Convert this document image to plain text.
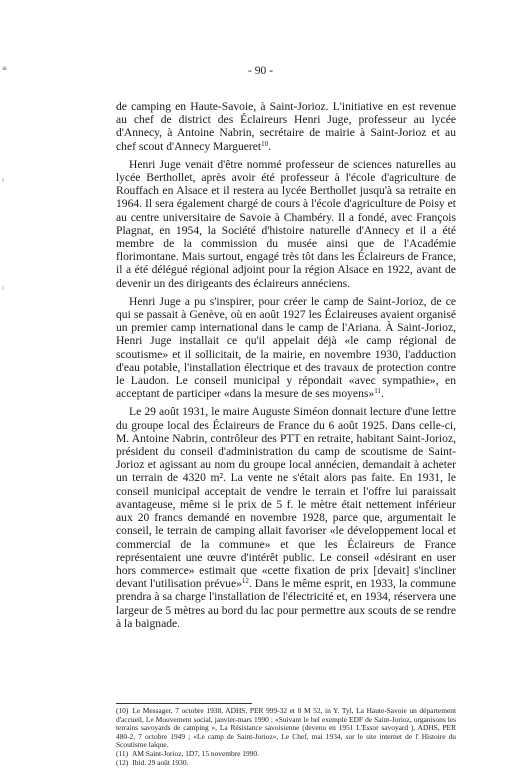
≡
⁞
⁞
- 90 -

de camping en Haute-Savoie, à Saint-Jorioz. L'initiative en est revenue au chef de district des Éclaireurs Henri Juge, professeur au lycée d'Annecy, à Antoine Nabrin, secrétaire de mairie à Saint-Jorioz et au chef scout d'Annecy Margueret$^{10}$.

Henri Juge venait d'être nommé professeur de sciences naturelles au lycée Berthollet, après avoir été professeur à l'école d'agriculture de Rouffach en Alsace et il restera au lycée Berthollet jusqu'à sa retraite en 1964. Il sera également chargé de cours à l'école d'agriculture de Poisy et au centre universitaire de Savoie à Chambéry. Il a fondé, avec François Plagnat, en 1954, la Société d'histoire naturelle d'Annecy et il a été membre de la commission du musée ainsi que de l'Académie florimontane. Mais surtout, engagé très tôt dans les Éclaireurs de France, il a été délégué régional adjoint pour la région Alsace en 1922, avant de devenir un des dirigeants des éclaireurs annéciens.

Henri Juge a pu s'inspirer, pour créer le camp de Saint-Jorioz, de ce qui se passait à Genève, où en août 1927 les Éclaireuses avaient organisé un premier camp international dans le camp de l'Ariana. À Saint-Jorioz, Henri Juge installait ce qu'il appelait déjà «le camp régional de scoutisme» et il sollicitait, de la mairie, en novembre 1930, l'adduction d'eau potable, l'installation électrique et des travaux de protection contre le Laudon. Le conseil municipal y répondait «avec sympathie», en acceptant de participer «dans la mesure de ses moyens»$^{11}$.

Le 29 août 1931, le maire Auguste Siméon donnait lecture d'une lettre du groupe local des Éclaireurs de France du 6 août 1925. Dans celle-ci, M. Antoine Nabrin, contrôleur des PTT en retraite, habitant Saint-Jorioz, président du conseil d'administration du camp de scoutisme de Saint-Jorioz et agissant au nom du groupe local annécien, demandait à acheter un terrain de 4320 m². La vente ne s'était alors pas faite. En 1931, le conseil municipal acceptait de vendre le terrain et l'offre lui paraissait avantageuse, même si le prix de 5 f. le mètre était nettement inférieur aux 20 francs demandé en novembre 1928, parce que, argumentait le conseil, le terrain de camping allait favoriser «le développement local et commercial de la commune» et que les Éclaireurs de France représentaient une œuvre d'intérêt public. Le conseil «désirant en user hors commerce» estimait que «cette fixation de prix [devait] s'incliner devant l'utilisation prévue»$^{12}$. Dans le même esprit, en 1933, la commune prendra à sa charge l'installation de l'électricité et, en 1934, réservera une largeur de 5 mètres au bord du lac pour permettre aux scouts de se rendre à la baignade.

(10) Le Messager, 7 octobre 1938, ADHS, PER 999-32 et 8 M 52, in Y. Tyl, La Haute-Savoie un département d'accueil, Le Mouvement social, janvier-mars 1990 ; «Suivant le bel exemple EDF de Saint-Jorioz, organisons les terrains savoyards de camping », La Résistance savoisienne (devenu en 1951 L'Essor savoyard ), ADHS, PER 480-2, 7 octobre 1949 ; «Le camp de Saint-Jorioz», Le Chef, mai 1934, sur le site internet de l' Histoire du Scoutisme laïque.

(11) AM Saint-Jorioz, 1D7, 15 novembre 1990.

(12) Ibid. 29 août 1930.
